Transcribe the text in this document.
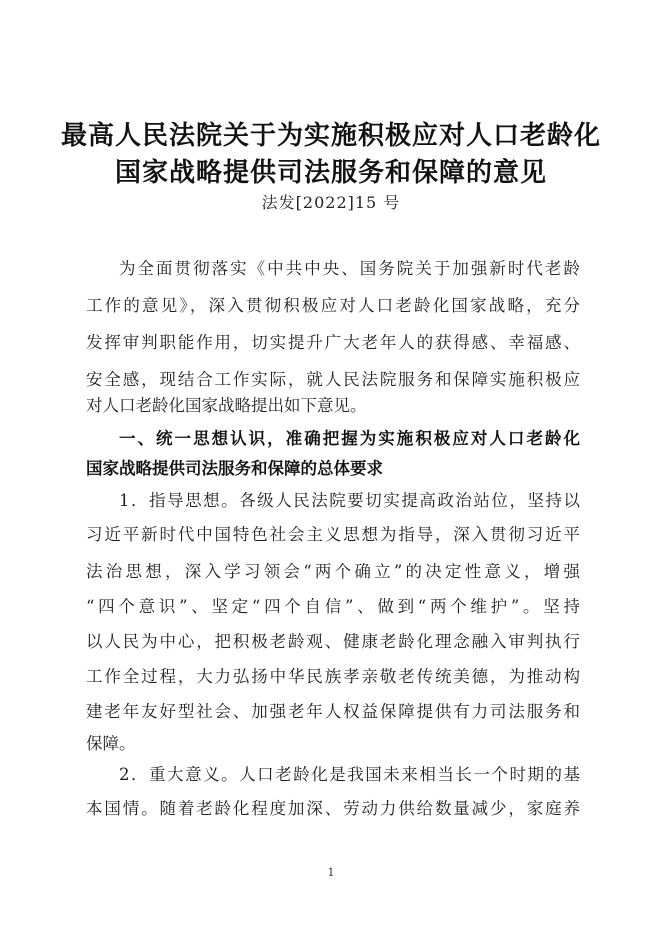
最高人民法院关于为实施积极应对人口老龄化
国家战略提供司法服务和保障的意见
法发[2022]15 号
为全面贯彻落实《中共中央、国务院关于加强新时代老龄
工作的意见》，深入贯彻积极应对人口老龄化国家战略，充分
发挥审判职能作用，切实提升广大老年人的获得感、幸福感、
安全感，现结合工作实际，就人民法院服务和保障实施积极应
对人口老龄化国家战略提出如下意见。
一、统一思想认识，准确把握为实施积极应对人口老龄化
国家战略提供司法服务和保障的总体要求
1．指导思想。各级人民法院要切实提高政治站位，坚持以
习近平新时代中国特色社会主义思想为指导，深入贯彻习近平
法治思想，深入学习领会“两个确立”的决定性意义，增强
“四个意识”、坚定“四个自信”、做到“两个维护”。坚持
以人民为中心，把积极老龄观、健康老龄化理念融入审判执行
工作全过程，大力弘扬中华民族孝亲敬老传统美德，为推动构
建老年友好型社会、加强老年人权益保障提供有力司法服务和
保障。
2．重大意义。人口老龄化是我国未来相当长一个时期的基
本国情。随着老龄化程度加深、劳动力供给数量减少，家庭养
1
